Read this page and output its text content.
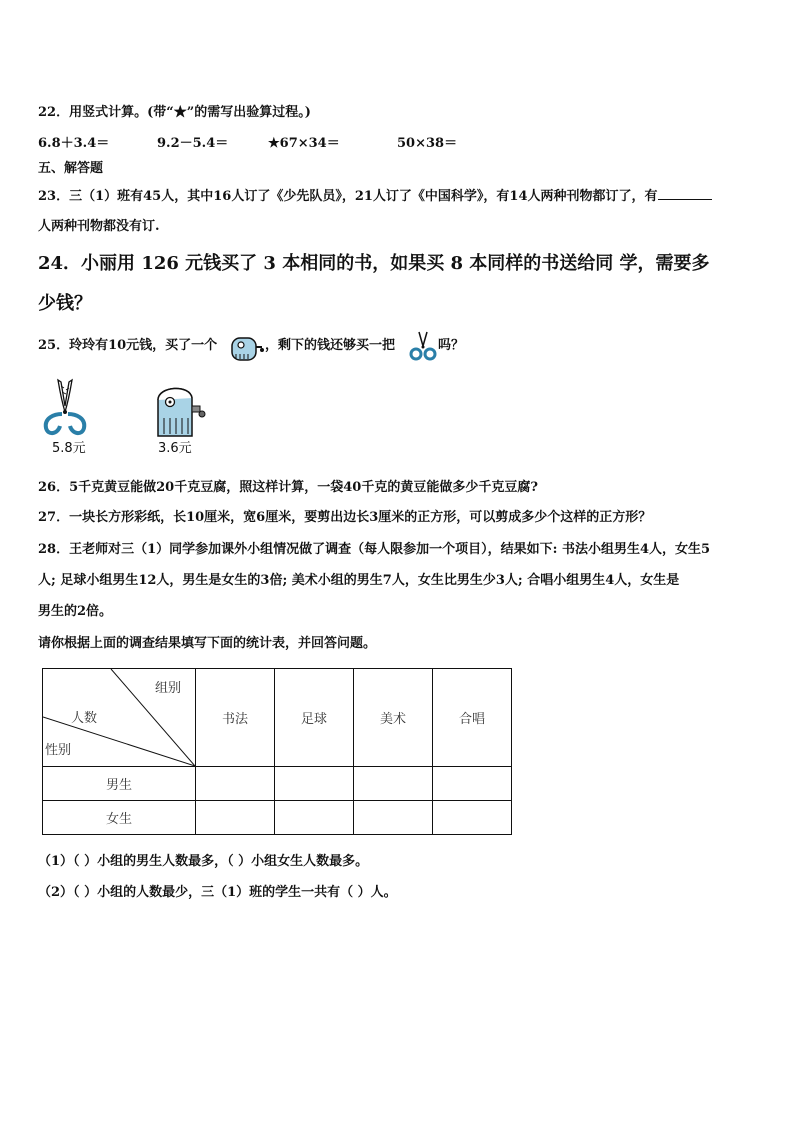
22．用竖式计算。(带“★”的需写出验算过程。)
6.8＋3.4＝	9.2－5.4＝	★67×34＝	50×38＝
五、解答题
23．三（1）班有45人，其中16人订了《少先队员》，21人订了《中国科学》，有14人两种刊物都订了，有
人两种刊物都没有订.
24．小丽用 126 元钱买了 3 本相同的书，如果买 8 本同样的书送给同 学，需要多
少钱？
25．玲玲有10元钱，买了一个	，剩下的钱还够买一把	吗？
5.8元	3.6元
26．5千克黄豆能做20千克豆腐，照这样计算，一袋40千克的黄豆能做多少千克豆腐?
27．一块长方形彩纸，长10厘米，宽6厘米，要剪出边长3厘米的正方形，可以剪成多少个这样的正方形？
28．王老师对三（1）同学参加课外小组情况做了调查（每人限参加一个项目），结果如下: 书法小组男生4人，女生5
人; 足球小组男生12人，男生是女生的3倍; 美术小组的男生7人，女生比男生少3人; 合唱小组男生4人，女生是
男生的2倍。
请你根据上面的调查结果填写下面的统计表，并回答问题。
组别
人数
性别	书法	足球	美术	合唱
男生				
女生				
（1）（ ）小组的男生人数最多，（ ）小组女生人数最多。
（2）（ ）小组的人数最少，三（1）班的学生一共有（ ）人。
